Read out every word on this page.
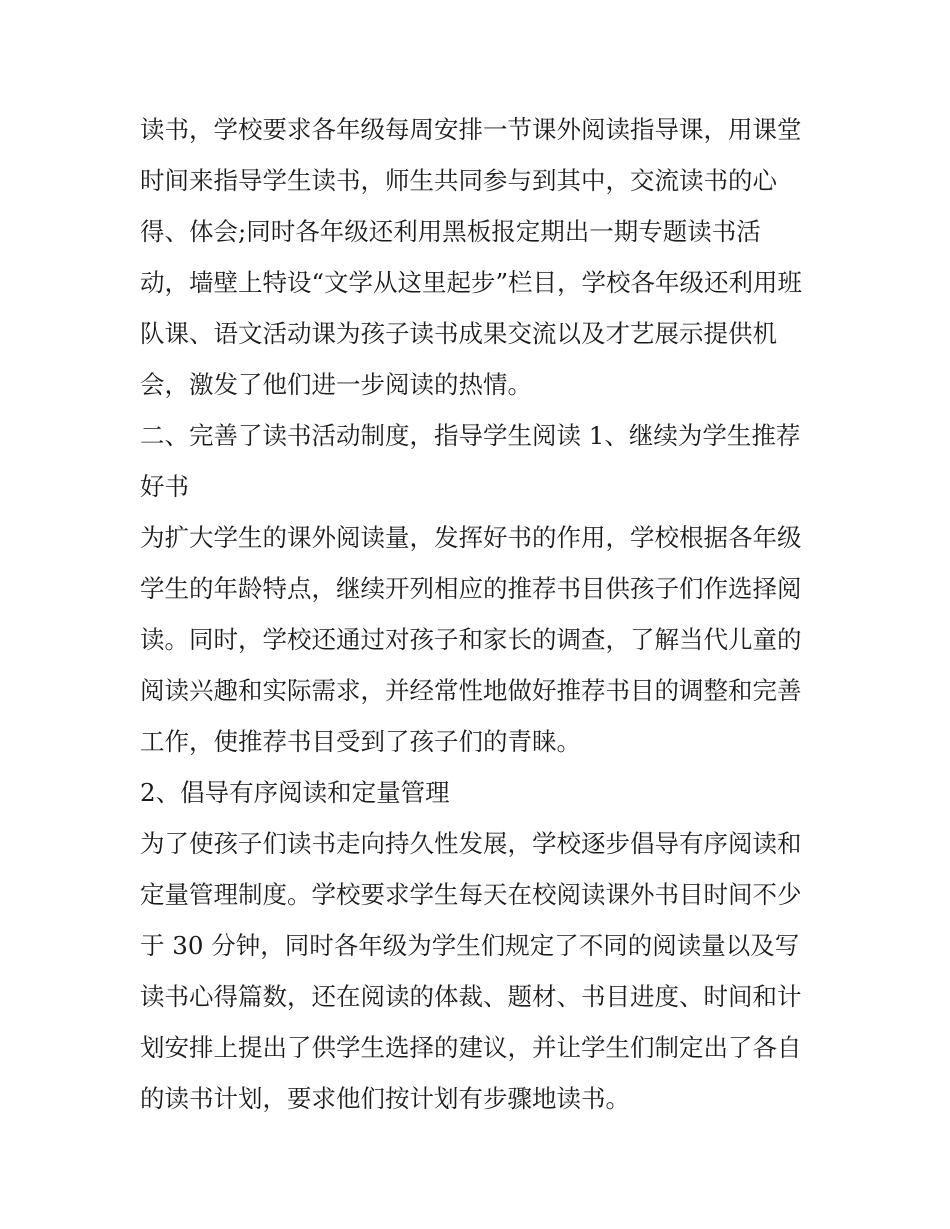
读书，学校要求各年级每周安排一节课外阅读指导课，用课堂
时间来指导学生读书，师生共同参与到其中，交流读书的心
得、体会;同时各年级还利用黑板报定期出一期专题读书活
动，墙壁上特设“文学从这里起步”栏目，学校各年级还利用班
队课、语文活动课为孩子读书成果交流以及才艺展示提供机
会，激发了他们进一步阅读的热情。
二、完善了读书活动制度，指导学生阅读 1、继续为学生推荐
好书
为扩大学生的课外阅读量，发挥好书的作用，学校根据各年级
学生的年龄特点，继续开列相应的推荐书目供孩子们作选择阅
读。同时，学校还通过对孩子和家长的调查，了解当代儿童的
阅读兴趣和实际需求，并经常性地做好推荐书目的调整和完善
工作，使推荐书目受到了孩子们的青睐。
2、倡导有序阅读和定量管理
为了使孩子们读书走向持久性发展，学校逐步倡导有序阅读和
定量管理制度。学校要求学生每天在校阅读课外书目时间不少
于 30 分钟，同时各年级为学生们规定了不同的阅读量以及写
读书心得篇数，还在阅读的体裁、题材、书目进度、时间和计
划安排上提出了供学生选择的建议，并让学生们制定出了各自
的读书计划，要求他们按计划有步骤地读书。
